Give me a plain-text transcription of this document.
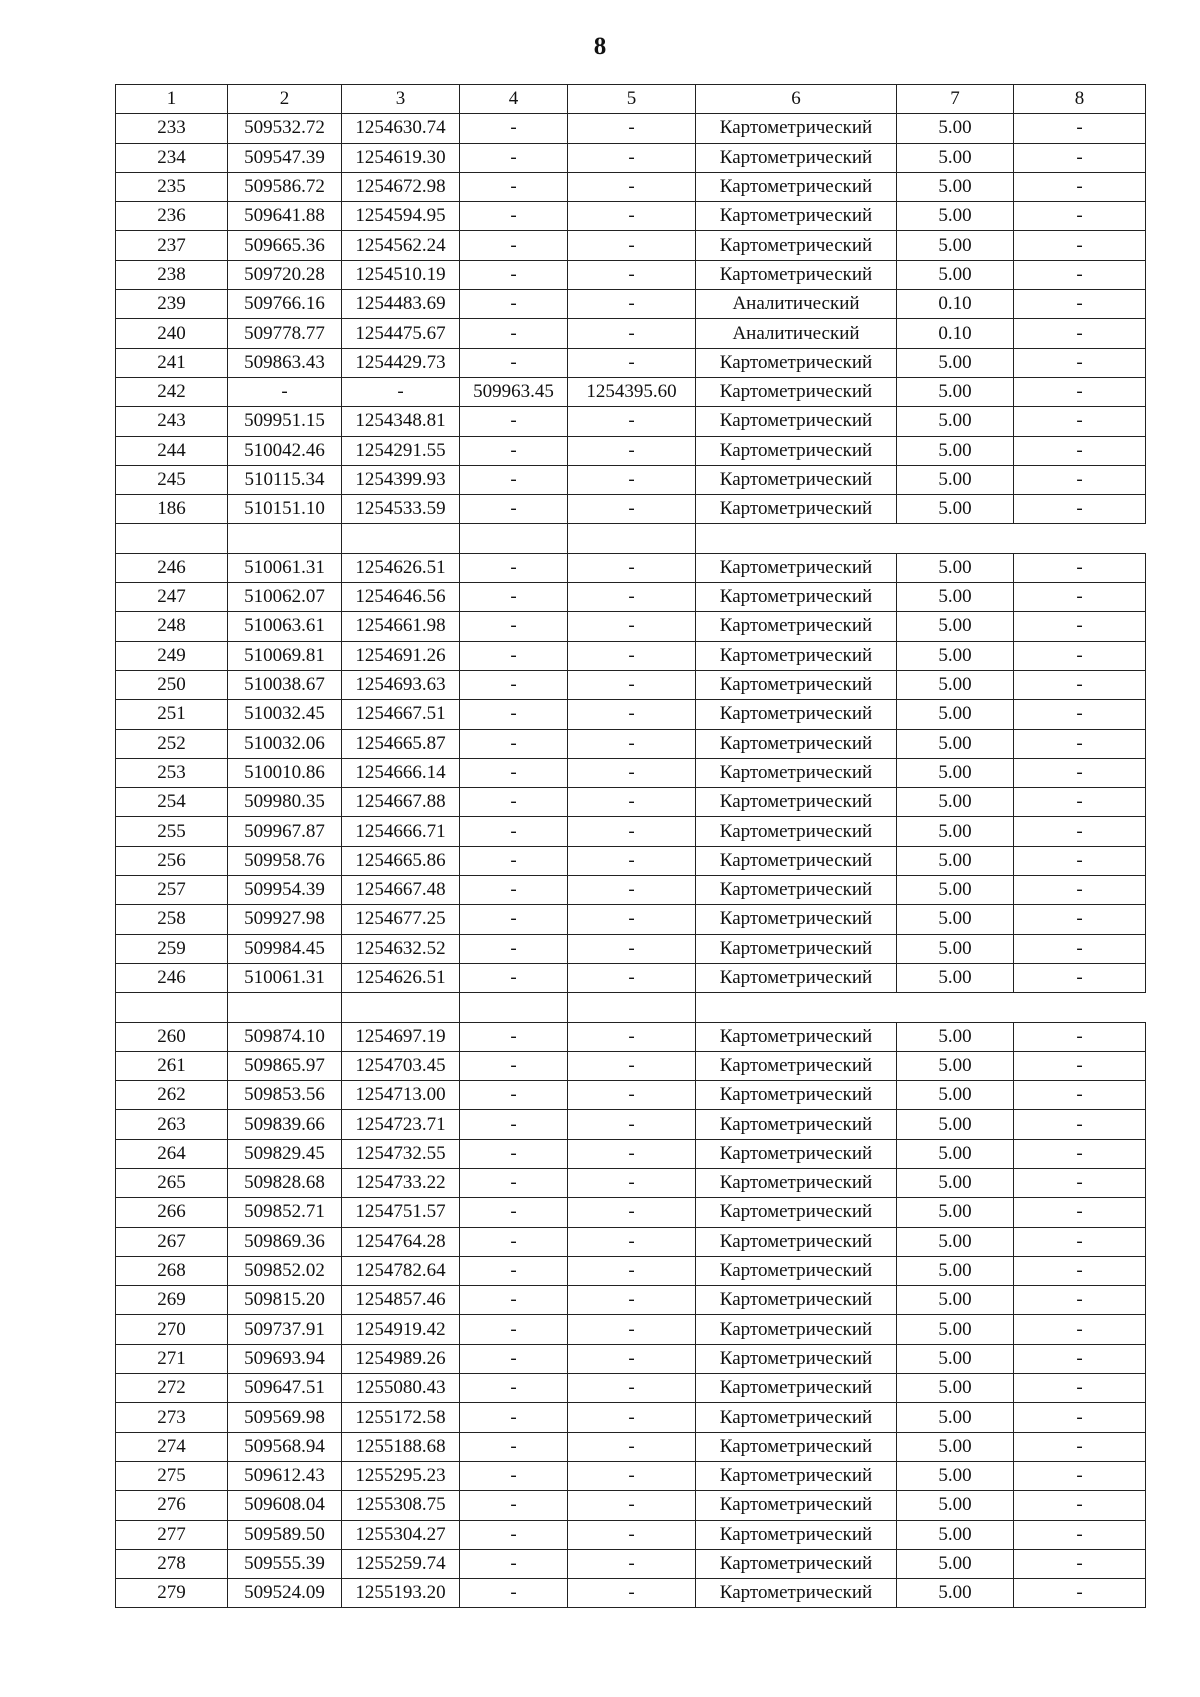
8
1	2	3	4	5	6	7	8
233	509532.72	1254630.74	-	-	Картометрический	5.00	-
234	509547.39	1254619.30	-	-	Картометрический	5.00	-
235	509586.72	1254672.98	-	-	Картометрический	5.00	-
236	509641.88	1254594.95	-	-	Картометрический	5.00	-
237	509665.36	1254562.24	-	-	Картометрический	5.00	-
238	509720.28	1254510.19	-	-	Картометрический	5.00	-
239	509766.16	1254483.69	-	-	Аналитический	0.10	-
240	509778.77	1254475.67	-	-	Аналитический	0.10	-
241	509863.43	1254429.73	-	-	Картометрический	5.00	-
242	-	-	509963.45	1254395.60	Картометрический	5.00	-
243	509951.15	1254348.81	-	-	Картометрический	5.00	-
244	510042.46	1254291.55	-	-	Картометрический	5.00	-
245	510115.34	1254399.93	-	-	Картометрический	5.00	-
186	510151.10	1254533.59	-	-	Картометрический	5.00	-

246	510061.31	1254626.51	-	-	Картометрический	5.00	-
247	510062.07	1254646.56	-	-	Картометрический	5.00	-
248	510063.61	1254661.98	-	-	Картометрический	5.00	-
249	510069.81	1254691.26	-	-	Картометрический	5.00	-
250	510038.67	1254693.63	-	-	Картометрический	5.00	-
251	510032.45	1254667.51	-	-	Картометрический	5.00	-
252	510032.06	1254665.87	-	-	Картометрический	5.00	-
253	510010.86	1254666.14	-	-	Картометрический	5.00	-
254	509980.35	1254667.88	-	-	Картометрический	5.00	-
255	509967.87	1254666.71	-	-	Картометрический	5.00	-
256	509958.76	1254665.86	-	-	Картометрический	5.00	-
257	509954.39	1254667.48	-	-	Картометрический	5.00	-
258	509927.98	1254677.25	-	-	Картометрический	5.00	-
259	509984.45	1254632.52	-	-	Картометрический	5.00	-
246	510061.31	1254626.51	-	-	Картометрический	5.00	-

260	509874.10	1254697.19	-	-	Картометрический	5.00	-
261	509865.97	1254703.45	-	-	Картометрический	5.00	-
262	509853.56	1254713.00	-	-	Картометрический	5.00	-
263	509839.66	1254723.71	-	-	Картометрический	5.00	-
264	509829.45	1254732.55	-	-	Картометрический	5.00	-
265	509828.68	1254733.22	-	-	Картометрический	5.00	-
266	509852.71	1254751.57	-	-	Картометрический	5.00	-
267	509869.36	1254764.28	-	-	Картометрический	5.00	-
268	509852.02	1254782.64	-	-	Картометрический	5.00	-
269	509815.20	1254857.46	-	-	Картометрический	5.00	-
270	509737.91	1254919.42	-	-	Картометрический	5.00	-
271	509693.94	1254989.26	-	-	Картометрический	5.00	-
272	509647.51	1255080.43	-	-	Картометрический	5.00	-
273	509569.98	1255172.58	-	-	Картометрический	5.00	-
274	509568.94	1255188.68	-	-	Картометрический	5.00	-
275	509612.43	1255295.23	-	-	Картометрический	5.00	-
276	509608.04	1255308.75	-	-	Картометрический	5.00	-
277	509589.50	1255304.27	-	-	Картометрический	5.00	-
278	509555.39	1255259.74	-	-	Картометрический	5.00	-
279	509524.09	1255193.20	-	-	Картометрический	5.00	-
